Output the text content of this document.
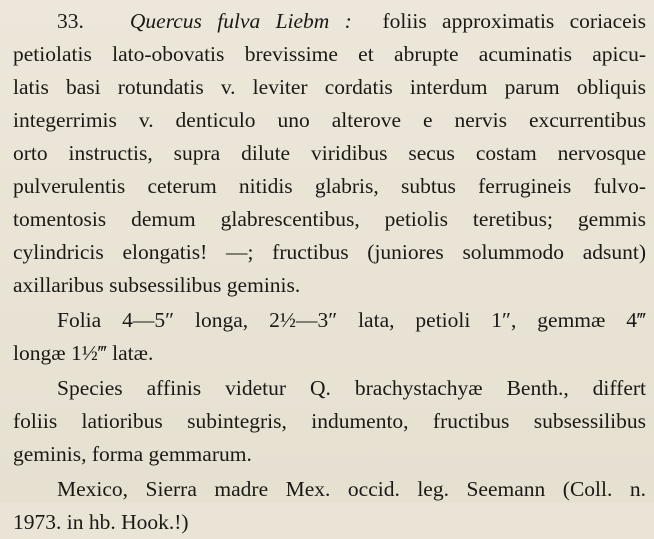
33. Quercus fulva Liebm : foliis approximatis coriaceis
petiolatis lato-obovatis brevissime et abrupte acuminatis apicu-
latis basi rotundatis v. leviter cordatis interdum parum obliquis
integerrimis v. denticulo uno alterove e nervis excurrentibus
orto instructis, supra dilute viridibus secus costam nervosque
pulverulentis ceterum nitidis glabris, subtus ferrugineis fulvo-
tomentosis demum glabrescentibus, petiolis teretibus; gemmis
cylindricis elongatis! —; fructibus (juniores solummodo adsunt)
axillaribus subsessilibus geminis.
Folia 4—5″ longa, 2½—3″ lata, petioli 1″, gemmæ 4‴
longæ 1½‴ latæ.
Species affinis videtur Q. brachystachyæ Benth., differt
foliis latioribus subintegris, indumento, fructibus subsessilibus
geminis, forma gemmarum.
Mexico, Sierra madre Mex. occid. leg. Seemann (Coll. n.
1973. in hb. Hook.!)
